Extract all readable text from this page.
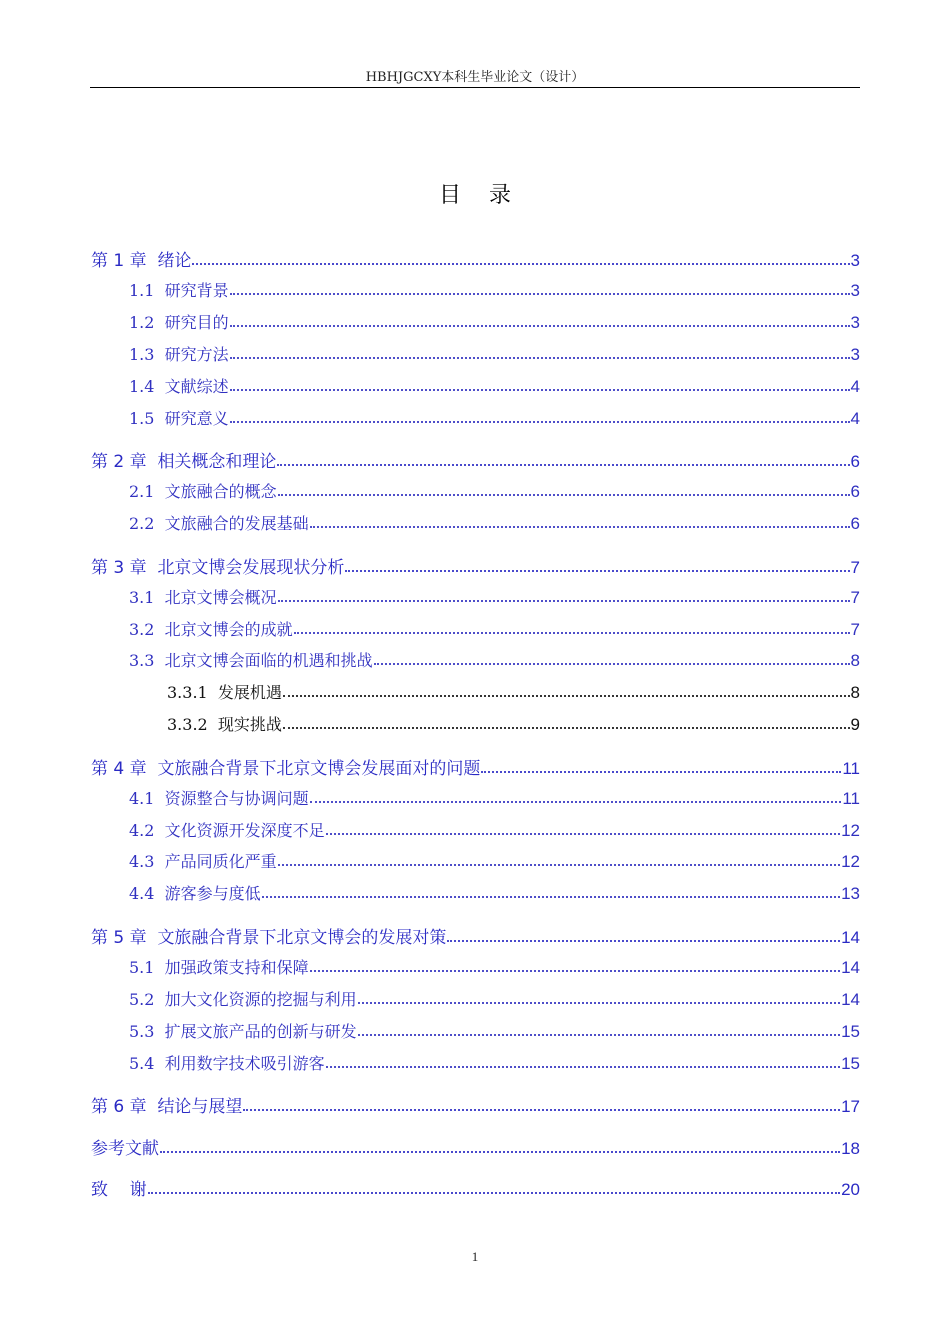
HBHJGCXY本科生毕业论文（设计）
目 录
第 1 章 绪论	3
1.1 研究背景	3
1.2 研究目的	3
1.3 研究方法	3
1.4 文献综述	4
1.5 研究意义	4
第 2 章 相关概念和理论	6
2.1 文旅融合的概念	6
2.2 文旅融合的发展基础	6
第 3 章 北京文博会发展现状分析	7
3.1 北京文博会概况	7
3.2 北京文博会的成就	7
3.3 北京文博会面临的机遇和挑战	8
3.3.1 发展机遇	8
3.3.2 现实挑战	9
第 4 章 文旅融合背景下北京文博会发展面对的问题	11
4.1 资源整合与协调问题	11
4.2 文化资源开发深度不足	12
4.3 产品同质化严重	12
4.4 游客参与度低	13
第 5 章 文旅融合背景下北京文博会的发展对策	14
5.1 加强政策支持和保障	14
5.2 加大文化资源的挖掘与利用	14
5.3 扩展文旅产品的创新与研发	15
5.4 利用数字技术吸引游客	15
第 6 章 结论与展望	17
参考文献	18
致    谢	20
1
